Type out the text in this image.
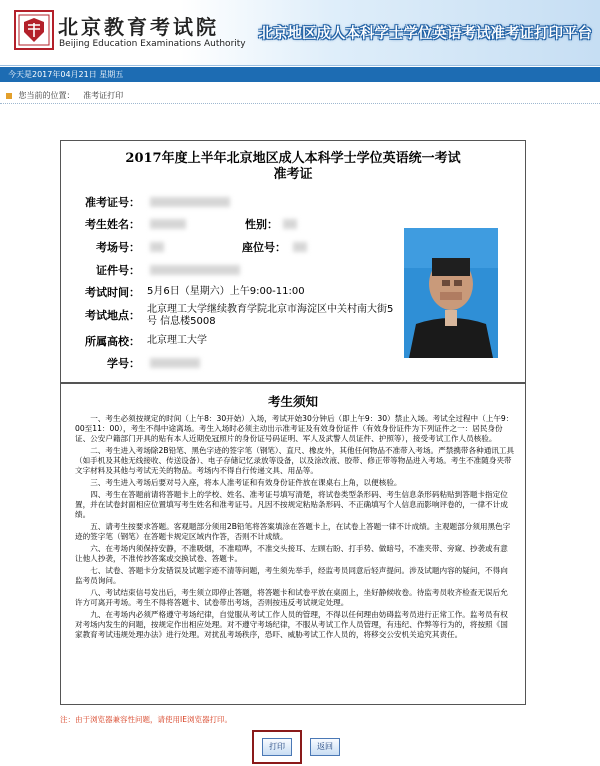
北京教育考试院
Beijing Education Examinations Authority
北京地区成人本科学士学位英语考试准考证打印平台
今天是2017年04月21日 星期五
您当前的位置： 准考证打印
2017年度上半年北京地区成人本科学士学位英语统一考试
准考证
准考证号：
考生姓名：	性别：
考场号：	座位号：
证件号：
考试时间： 5月6日（星期六）上午9:00-11:00
考试地点： 北京理工大学继续教育学院北京市海淀区中关村南大街5号 信息楼5008
所属高校： 北京理工大学
学号：
考生须知

一、考生必须按规定的时间（上午8：30开始）入场，考试开始30分钟后（即上午9：30）禁止入场。考试全过程中（上午9：00至11：00），考生不得中途离场。考生入场时必须主动出示准考证及有效身份证件（有效身份证件为下列证件之一：居民身份证、公安户籍部门开具的贴有本人近期免冠照片的身份证号码证明、军人及武警人员证件、护照等），接受考试工作人员核验。

二、考生进入考场除2B铅笔、黑色字迹的签字笔（钢笔）、直尺、橡皮外，其他任何物品不准带入考场。严禁携带各种通讯工具（如手机及其他无线接收、传送设备）、电子存储记忆录放等设备，以及涂改液、胶带、修正带等物品进入考场。考生不准随身夹带文字材料及其他与考试无关的物品。考场内不得自行传递文具、用品等。

三、考生进入考场后要对号入座，将本人准考证和有效身份证件放在课桌右上角，以便核验。

四、考生在答题前请将答题卡上的学校、姓名、准考证号填写清楚，将试卷类型条形码、考生信息条形码粘贴到答题卡指定位置，并在试卷封面相应位置填写考生姓名和准考证号。凡因不按规定粘贴条形码、不正确填写个人信息而影响评卷的，一律不计成绩。

五、请考生按要求答题。客观题部分须用2B铅笔将答案填涂在答题卡上，在试卷上答题一律不计成绩。主观题部分须用黑色字迹的签字笔（钢笔）在答题卡规定区域内作答，否则不计成绩。

六、在考场内须保持安静，不准吸烟，不准喧哗，不准交头接耳、左顾右盼、打手势、做暗号，不准夹带、旁窥、抄袭或有意让他人抄袭，不准传抄答案或交换试卷、答题卡。

七、试卷、答题卡分发错误及试题字迹不清等问题，考生须先举手，经监考员同意后轻声提问。涉及试题内容的疑问，不得向监考员询问。

八、考试结束信号发出后，考生须立即停止答题，将答题卡和试卷平放在桌面上，坐好静候收卷。待监考员收齐检查无误后允许方可离开考场。考生不得将答题卡、试卷带出考场，否则按违反考试规定处理。

九、在考场内必须严格遵守考场纪律，自觉服从考试工作人员的管理，不得以任何理由妨碍监考员进行正常工作。监考员有权对考场内发生的问题，按规定作出相应处理。对不遵守考场纪律，不服从考试工作人员管理，有违纪、作弊等行为的，将按照《国家教育考试违规处理办法》进行处理。对扰乱考场秩序，恐吓、威胁考试工作人员的，将移交公安机关追究其责任。

注：由于浏览器兼容性问题，请使用IE浏览器打印。
打印	返回
